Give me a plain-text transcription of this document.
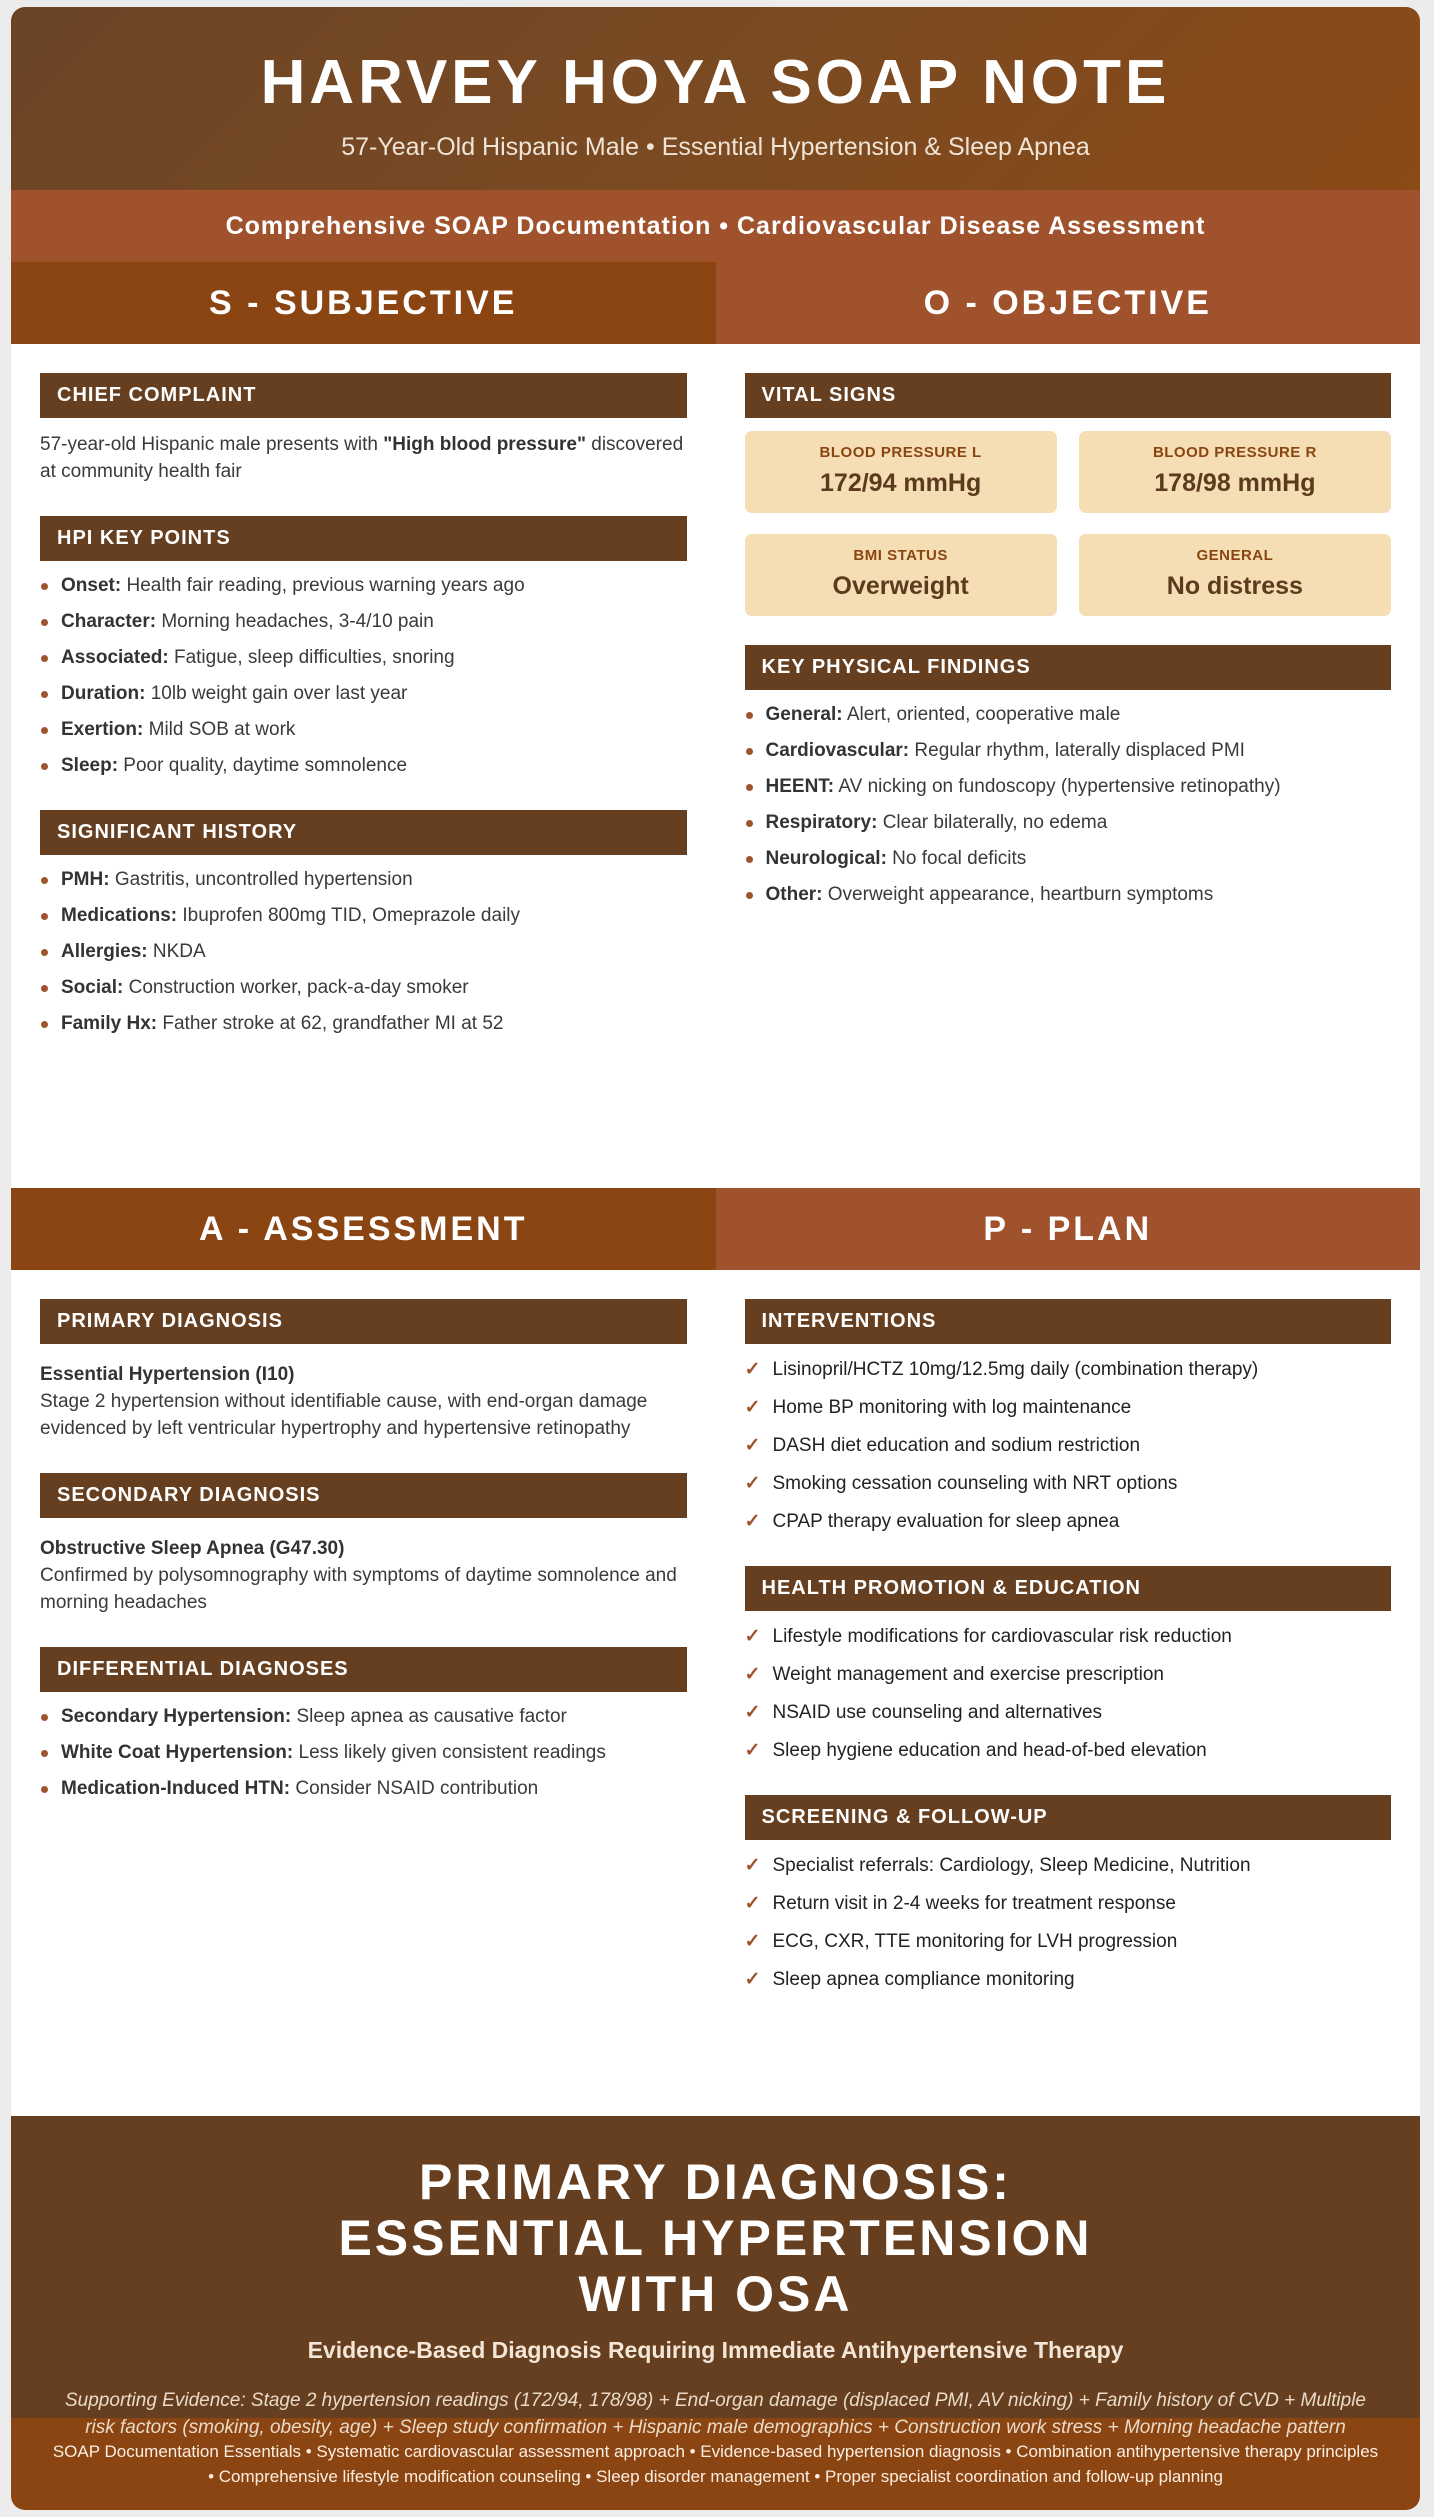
HARVEY HOYA SOAP NOTE
57-Year-Old Hispanic Male • Essential Hypertension & Sleep Apnea
Comprehensive SOAP Documentation • Cardiovascular Disease Assessment
S - SUBJECTIVE	O - OBJECTIVE
CHIEF COMPLAINT

57-year-old Hispanic male presents with "High blood pressure" discovered at community health fair

HPI KEY POINTS
Onset: Health fair reading, previous warning years ago
Character: Morning headaches, 3-4/10 pain
Associated: Fatigue, sleep difficulties, snoring
Duration: 10lb weight gain over last year
Exertion: Mild SOB at work
Sleep: Poor quality, daytime somnolence
SIGNIFICANT HISTORY
PMH: Gastritis, uncontrolled hypertension
Medications: Ibuprofen 800mg TID, Omeprazole daily
Allergies: NKDA
Social: Construction worker, pack-a-day smoker
Family Hx: Father stroke at 62, grandfather MI at 52
VITAL SIGNS
BLOOD PRESSURE L
172/94 mmHg
BLOOD PRESSURE R
178/98 mmHg
BMI STATUS
Overweight
GENERAL
No distress
KEY PHYSICAL FINDINGS
General: Alert, oriented, cooperative male
Cardiovascular: Regular rhythm, laterally displaced PMI
HEENT: AV nicking on fundoscopy (hypertensive retinopathy)
Respiratory: Clear bilaterally, no edema
Neurological: No focal deficits
Other: Overweight appearance, heartburn symptoms
A - ASSESSMENT	P - PLAN
PRIMARY DIAGNOSIS
Essential Hypertension (I10)
Stage 2 hypertension without identifiable cause, with end-organ damage evidenced by left ventricular hypertrophy and hypertensive retinopathy
SECONDARY DIAGNOSIS
Obstructive Sleep Apnea (G47.30)
Confirmed by polysomnography with symptoms of daytime somnolence and morning headaches
DIFFERENTIAL DIAGNOSES
Secondary Hypertension: Sleep apnea as causative factor
White Coat Hypertension: Less likely given consistent readings
Medication-Induced HTN: Consider NSAID contribution
INTERVENTIONS
✓ Lisinopril/HCTZ 10mg/12.5mg daily (combination therapy)
✓ Home BP monitoring with log maintenance
✓ DASH diet education and sodium restriction
✓ Smoking cessation counseling with NRT options
✓ CPAP therapy evaluation for sleep apnea
HEALTH PROMOTION & EDUCATION
✓ Lifestyle modifications for cardiovascular risk reduction
✓ Weight management and exercise prescription
✓ NSAID use counseling and alternatives
✓ Sleep hygiene education and head-of-bed elevation
SCREENING & FOLLOW-UP
✓ Specialist referrals: Cardiology, Sleep Medicine, Nutrition
✓ Return visit in 2-4 weeks for treatment response
✓ ECG, CXR, TTE monitoring for LVH progression
✓ Sleep apnea compliance monitoring
PRIMARY DIAGNOSIS: ESSENTIAL HYPERTENSION WITH OSA
Evidence-Based Diagnosis Requiring Immediate Antihypertensive Therapy
Supporting Evidence: Stage 2 hypertension readings (172/94, 178/98) + End-organ damage (displaced PMI, AV nicking) + Family history of CVD + Multiple risk factors (smoking, obesity, age) + Sleep study confirmation + Hispanic male demographics + Construction work stress + Morning headache pattern
SOAP Documentation Essentials • Systematic cardiovascular assessment approach • Evidence-based hypertension diagnosis • Combination antihypertensive therapy principles • Comprehensive lifestyle modification counseling • Sleep disorder management • Proper specialist coordination and follow-up planning
